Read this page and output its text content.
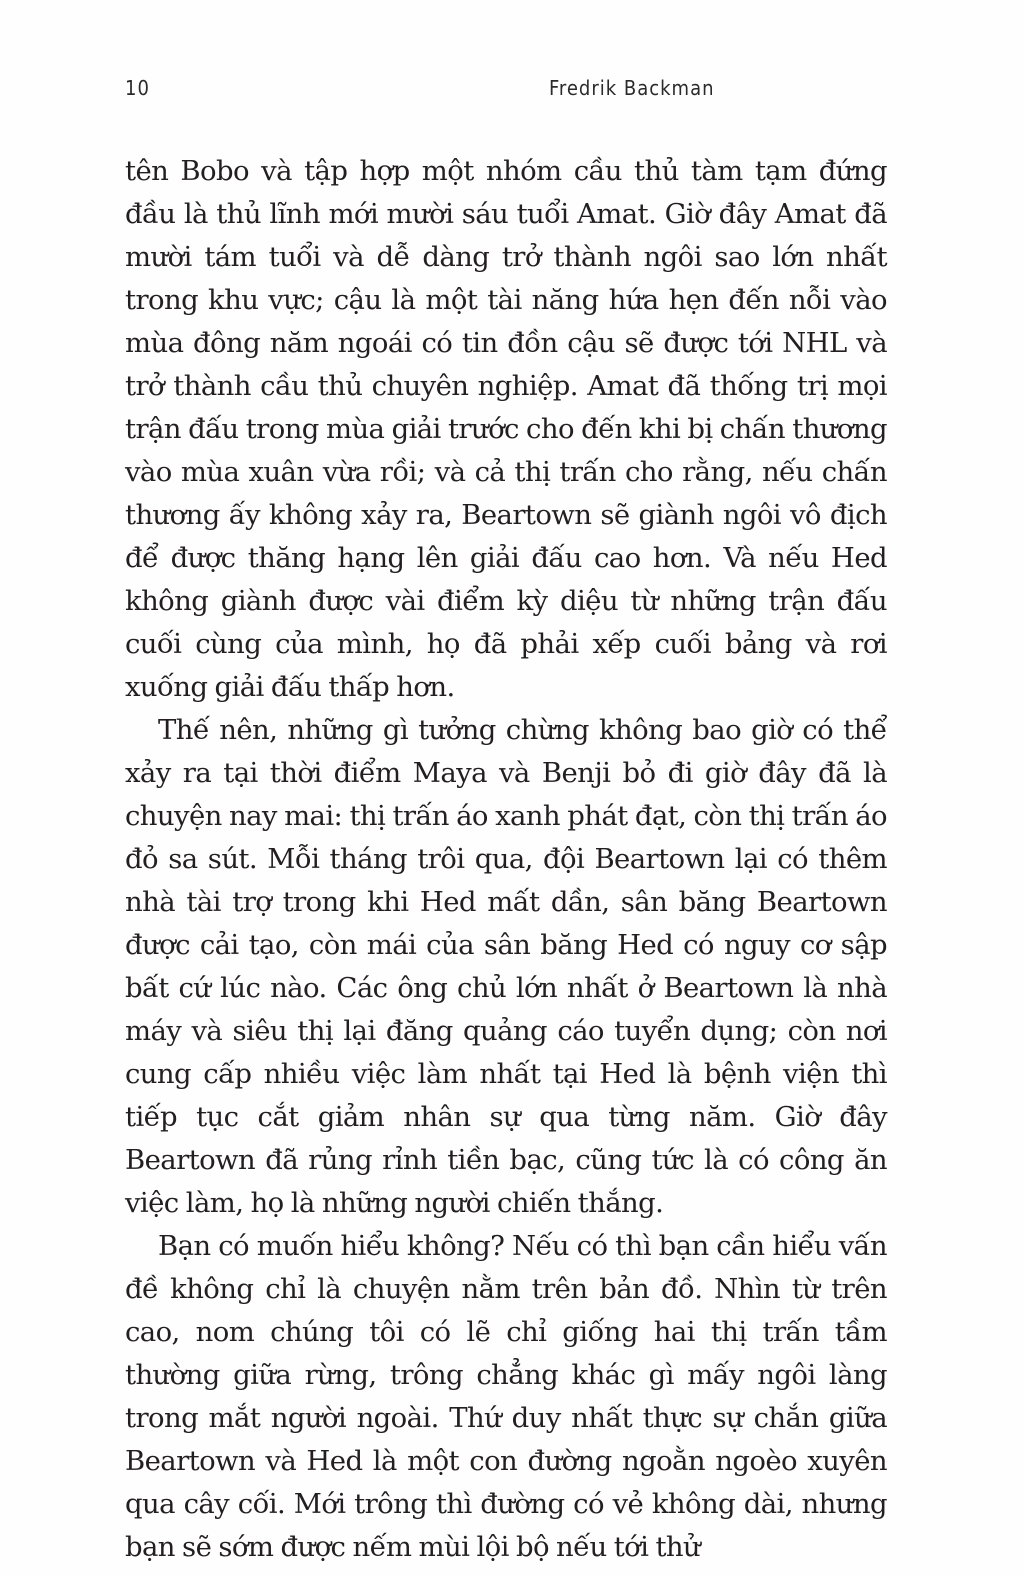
10	Fredrik Backman

tên Bobo và tập hợp một nhóm cầu thủ tàm tạm đứng đầu là thủ lĩnh mới mười sáu tuổi Amat. Giờ đây Amat đã mười tám tuổi và dễ dàng trở thành ngôi sao lớn nhất trong khu vực; cậu là một tài năng hứa hẹn đến nỗi vào mùa đông năm ngoái có tin đồn cậu sẽ được tới NHL và trở thành cầu thủ chuyên nghiệp. Amat đã thống trị mọi trận đấu trong mùa giải trước cho đến khi bị chấn thương vào mùa xuân vừa rồi; và cả thị trấn cho rằng, nếu chấn thương ấy không xảy ra, Beartown sẽ giành ngôi vô địch để được thăng hạng lên giải đấu cao hơn. Và nếu Hed không giành được vài điểm kỳ diệu từ những trận đấu cuối cùng của mình, họ đã phải xếp cuối bảng và rơi xuống giải đấu thấp hơn.

Thế nên, những gì tưởng chừng không bao giờ có thể xảy ra tại thời điểm Maya và Benji bỏ đi giờ đây đã là chuyện nay mai: thị trấn áo xanh phát đạt, còn thị trấn áo đỏ sa sút. Mỗi tháng trôi qua, đội Beartown lại có thêm nhà tài trợ trong khi Hed mất dần, sân băng Beartown được cải tạo, còn mái của sân băng Hed có nguy cơ sập bất cứ lúc nào. Các ông chủ lớn nhất ở Beartown là nhà máy và siêu thị lại đăng quảng cáo tuyển dụng; còn nơi cung cấp nhiều việc làm nhất tại Hed là bệnh viện thì tiếp tục cắt giảm nhân sự qua từng năm. Giờ đây Beartown đã rủng rỉnh tiền bạc, cũng tức là có công ăn việc làm, họ là những người chiến thắng.

Bạn có muốn hiểu không? Nếu có thì bạn cần hiểu vấn đề không chỉ là chuyện nằm trên bản đồ. Nhìn từ trên cao, nom chúng tôi có lẽ chỉ giống hai thị trấn tầm thường giữa rừng, trông chẳng khác gì mấy ngôi làng trong mắt người ngoài. Thứ duy nhất thực sự chắn giữa Beartown và Hed là một con đường ngoằn ngoèo xuyên qua cây cối. Mới trông thì đường có vẻ không dài, nhưng bạn sẽ sớm được nếm mùi lội bộ nếu tới thử
